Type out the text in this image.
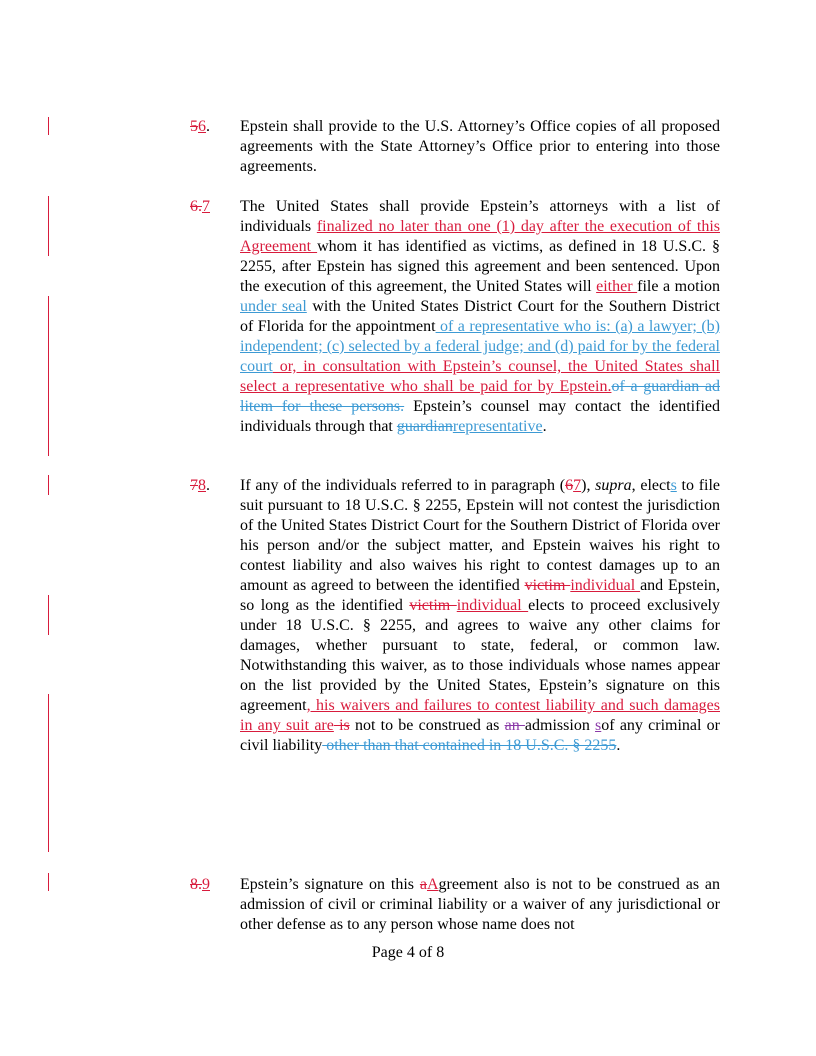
56.	Epstein shall provide to the U.S. Attorney’s Office copies of all proposed agreements with the State Attorney’s Office prior to entering into those agreements.
6.7	The United States shall provide Epstein’s attorneys with a list of individuals finalized no later than one (1) day after the execution of this Agreement whom it has identified as victims, as defined in 18 U.S.C. § 2255, after Epstein has signed this agreement and been sentenced. Upon the execution of this agreement, the United States will either file a motion under seal with the United States District Court for the Southern District of Florida for the appointment of a representative who is: (a) a lawyer; (b) independent; (c) selected by a federal judge; and (d) paid for by the federal court or, in consultation with Epstein’s counsel, the United States shall select a representative who shall be paid for by Epstein.of a guardian ad litem for these persons. Epstein’s counsel may contact the identified individuals through that guardianrepresentative.
78.	If any of the individuals referred to in paragraph (67), supra, elects to file suit pursuant to 18 U.S.C. § 2255, Epstein will not contest the jurisdiction of the United States District Court for the Southern District of Florida over his person and/or the subject matter, and Epstein waives his right to contest liability and also waives his right to contest damages up to an amount as agreed to between the identified victim individual and Epstein, so long as the identified victim individual elects to proceed exclusively under 18 U.S.C. § 2255, and agrees to waive any other claims for damages, whether pursuant to state, federal, or common law. Notwithstanding this waiver, as to those individuals whose names appear on the list provided by the United States, Epstein’s signature on this agreement, his waivers and failures to contest liability and such damages in any suit are is not to be construed as an admission sof any criminal or civil liability other than that contained in 18 U.S.C. § 2255.
8.9	Epstein’s signature on this aAgreement also is not to be construed as an admission of civil or criminal liability or a waiver of any jurisdictional or other defense as to any person whose name does not
Page 4 of 8
